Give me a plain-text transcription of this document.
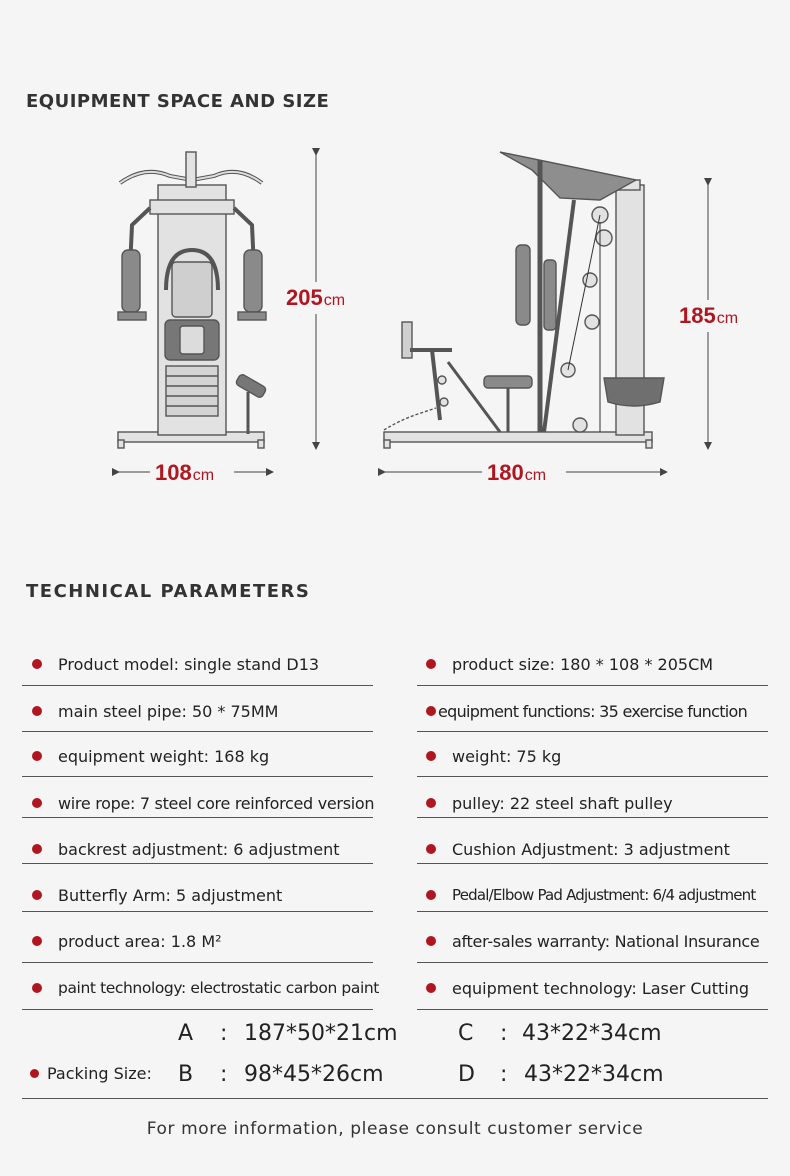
EQUIPMENT SPACE AND SIZE
205cm
108cm	180cm
185cm
TECHNICAL PARAMETERS
Product model: single stand D13
main steel pipe: 50 * 75MM
equipment weight: 168 kg
wire rope: 7 steel core reinforced version
backrest adjustment: 6 adjustment
Butterfly Arm: 5 adjustment
product area: 1.8 M²
paint technology: electrostatic carbon paint
product size: 180 * 108 * 205CM
equipment functions: 35 exercise function
weight: 75 kg
pulley: 22 steel shaft pulley
Cushion Adjustment: 3 adjustment
Pedal/Elbow Pad Adjustment: 6/4 adjustment
after-sales warranty: National Insurance
equipment technology: Laser Cutting
Packing Size:
A : 187*50*21cm
B : 98*45*26cm
C : 43*22*34cm
D : 43*22*34cm
For more information, please consult customer service
